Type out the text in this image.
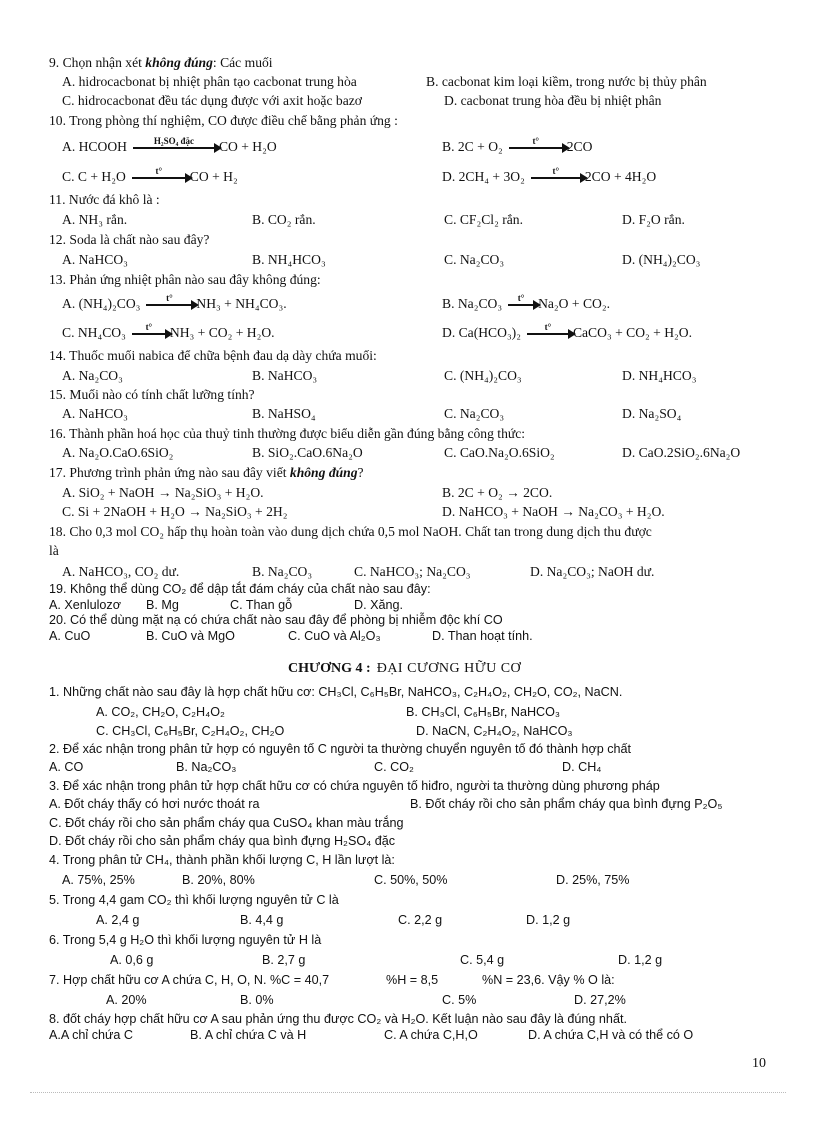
9. Chọn nhận xét không đúng: Các muối
A. hidrocacbonat bị nhiệt phân tạo cacbonat trung hòa	B. cacbonat kim loại kiềm, trong nước bị thủy phân
C. hidrocacbonat đều tác dụng được với axit hoặc bazơ	D. cacbonat trung hòa đều bị nhiệt phân
10. Trong phòng thí nghiệm, CO được điều chế bằng phản ứng :
A. HCOOH	H₂SO₄ đặc	CO + H₂O	B. 2C + O₂	t°	2CO
C. C + H₂O	t°	CO + H₂	D. 2CH₄ + 3O₂	t°	2CO + 4H₂O
11. Nước đá khô là :
A. NH₃ rắn.	B. CO₂ rắn.	C. CF₂Cl₂ rắn.	D. F₂O rắn.
12. Soda là chất nào sau đây?
A. NaHCO₃	B. NH₄HCO₃	C. Na₂CO₃	D. (NH₄)₂CO₃
13. Phản ứng nhiệt phân nào sau đây không đúng:
A. (NH₄)₂CO₃	t°	NH₃ + NH₄CO₃.	B. Na₂CO₃	t°	Na₂O + CO₂.
C. NH₄CO₃	t°	NH₃ + CO₂ + H₂O.	D. Ca(HCO₃)₂	t°	CaCO₃ + CO₂ + H₂O.
14. Thuốc muối nabica để chữa bệnh đau dạ dày chứa muối:
A. Na₂CO₃	B. NaHCO₃	C. (NH₄)₂CO₃	D. NH₄HCO₃
15. Muối nào có tính chất lưỡng tính?
A. NaHCO₃	B. NaHSO₄	C. Na₂CO₃	D. Na₂SO₄
16. Thành phần hoá học của thuỷ tinh thường được biểu diễn gần đúng bằng công thức:
A. Na₂O.CaO.6SiO₂	B. SiO₂.CaO.6Na₂O	C. CaO.Na₂O.6SiO₂	D. CaO.2SiO₂.6Na₂O
17. Phương trình phản ứng nào sau đây viết không đúng?
A. SiO₂ + NaOH → Na₂SiO₃ + H₂O.	B. 2C + O₂ → 2CO.
C. Si + 2NaOH + H₂O → Na₂SiO₃ + 2H₂	D. NaHCO₃ + NaOH → Na₂CO₃ + H₂O.
18. Cho 0,3 mol CO₂ hấp thụ hoàn toàn vào dung dịch chứa 0,5 mol NaOH. Chất tan trong dung dịch thu được
là
A. NaHCO₃, CO₂ dư.	B. Na₂CO₃	C. NaHCO₃; Na₂CO₃	D. Na₂CO₃; NaOH dư.
19. Không thể dùng CO₂ để dập tắt đám cháy của chất nào sau đây:
A. Xenlulozơ B. Mg	C. Than gỗ	D. Xăng.
20. Có thể dùng mặt nạ có chứa chất nào sau đây để phòng bị nhiễm độc khí CO
A. CuO	B. CuO và MgO	C. CuO và Al₂O₃	D. Than hoạt tính.
CHƯƠNG 4 : ĐẠI CƯƠNG HỮU CƠ
1. Những chất nào sau đây là hợp chất hữu cơ: CH₃Cl, C₆H₅Br, NaHCO₃, C₂H₄O₂, CH₂O, CO₂, NaCN.
A. CO₂, CH₂O, C₂H₄O₂	B. CH₃Cl, C₆H₅Br, NaHCO₃
C. CH₃Cl, C₆H₅Br, C₂H₄O₂, CH₂O	D. NaCN, C₂H₄O₂, NaHCO₃
2. Để xác nhận trong phân tử hợp có nguyên tố C người ta thường chuyển nguyên tố đó thành hợp chất
A. CO	B. Na₂CO₃	C. CO₂	D. CH₄
3. Để xác nhận trong phân tử hợp chất hữu cơ có chứa nguyên tố hiđro, người ta thường dùng phương pháp
A. Đốt cháy thấy có hơi nước thoát ra	B. Đốt cháy rồi cho sản phẩm cháy qua bình đựng P₂O₅
C. Đốt cháy rồi cho sản phẩm cháy qua CuSO₄ khan màu trắng
D. Đốt cháy rồi cho sản phẩm cháy qua bình đựng H₂SO₄ đặc
4. Trong phân tử CH₄, thành phần khối lượng C, H lần lượt là:
A. 75%, 25%	B. 20%, 80%	C. 50%, 50%	D. 25%, 75%
5. Trong 4,4 gam CO₂ thì khối lượng nguyên tử C là
A. 2,4 g	B. 4,4 g	C. 2,2 g	D. 1,2 g
6. Trong 5,4 g H₂O thì khối lượng nguyên tử H là
A. 0,6 g	B. 2,7 g	C. 5,4 g	D. 1,2 g
7. Hợp chất hữu cơ A chứa C, H, O, N. %C = 40,7	%H = 8,5	%N = 23,6. Vậy % O là:
A. 20%	B. 0%	C. 5%	D. 27,2%
8. đốt cháy hợp chất hữu cơ A sau phản ứng thu được CO₂ và H₂O. Kết luận nào sau đây là đúng nhất.
A.A chỉ chứa C	B. A chỉ chứa C và H	C. A chứa C,H,O	D. A chứa C,H và có thể có O
10
